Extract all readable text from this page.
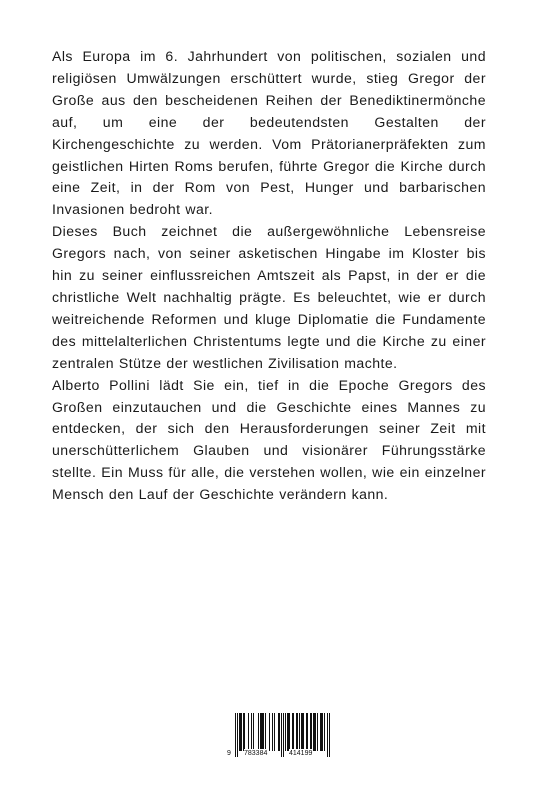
Als Europa im 6. Jahrhundert von politischen, sozialen und religiösen Umwälzungen erschüttert wurde, stieg Gregor der Große aus den bescheidenen Reihen der Benediktinermönche auf, um eine der bedeutendsten Gestalten der Kirchengeschichte zu werden. Vom Prätorianerpräfekten zum geistlichen Hirten Roms berufen, führte Gregor die Kirche durch eine Zeit, in der Rom von Pest, Hunger und barbarischen Invasionen bedroht war.

Dieses Buch zeichnet die außergewöhnliche Lebensreise Gregors nach, von seiner asketischen Hingabe im Kloster bis hin zu seiner einflussreichen Amtszeit als Papst, in der er die christliche Welt nachhaltig prägte. Es beleuchtet, wie er durch weitreichende Reformen und kluge Diplomatie die Fundamente des mittelalterlichen Christentums legte und die Kirche zu einer zentralen Stütze der westlichen Zivilisation machte.

Alberto Pollini lädt Sie ein, tief in die Epoche Gregors des Großen einzutauchen und die Geschichte eines Mannes zu entdecken, der sich den Herausforderungen seiner Zeit mit unerschütterlichem Glauben und visionärer Führungsstärke stellte. Ein Muss für alle, die verstehen wollen, wie ein einzelner Mensch den Lauf der Geschichte verändern kann.

9 783384	414199
